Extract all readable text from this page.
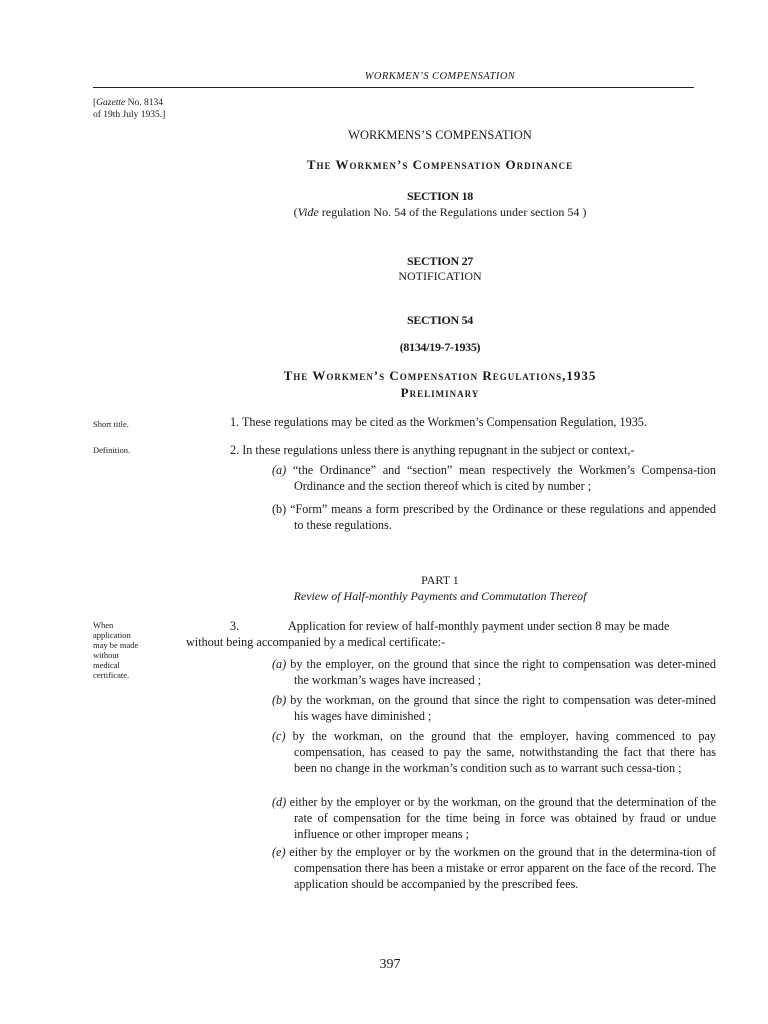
WORKMEN’S COMPENSATION
[Gazette No. 8134
of 19th July 1935.]
WORKMENS’S COMPENSATION
The Workmen’s Compensation Ordinance
SECTION 18
(Vide regulation No. 54 of the Regulations under section 54 )
SECTION 27
NOTIFICATION
SECTION 54
(8134/19-7-1935)
The Workmen’s Compensation Regulations,1935
Preliminary
Short title.	1. These regulations may be cited as the Workmen’s Compensation Regulation, 1935.
Definition.	2. In these regulations unless there is anything repugnant in the subject or context,-
(a) “the Ordinance” and “section” mean respectively the Workmen’s Compensa-tion Ordinance and the section thereof which is cited by number ;
(b) “Form” means a form prescribed by the Ordinance or these regulations and appended to these regulations.
PART 1
Review of Half-monthly Payments and Commutation Thereof
When
application
may be made
without
medical
certificate.
3.	Application for review of half-monthly payment under section 8 may be made
without being accompanied by a medical certificate:-
(a) by the employer, on the ground that since the right to compensation was deter-mined the workman’s wages have increased ;
(b) by the workman, on the ground that since the right to compensation was deter-mined his wages have diminished ;
(c) by the workman, on the ground that the employer, having commenced to pay compensation, has ceased to pay the same, notwithstanding the fact that there has been no change in the workman’s condition such as to warrant such cessa-tion ;
(d) either by the employer or by the workman, on the ground that the determination of the rate of compensation for the time being in force was obtained by fraud or undue influence or other improper means ;
(e) either by the employer or by the workmen on the ground that in the determina-tion of compensation there has been a mistake or error apparent on the face of the record. The application should be accompanied by the prescribed fees.
397
